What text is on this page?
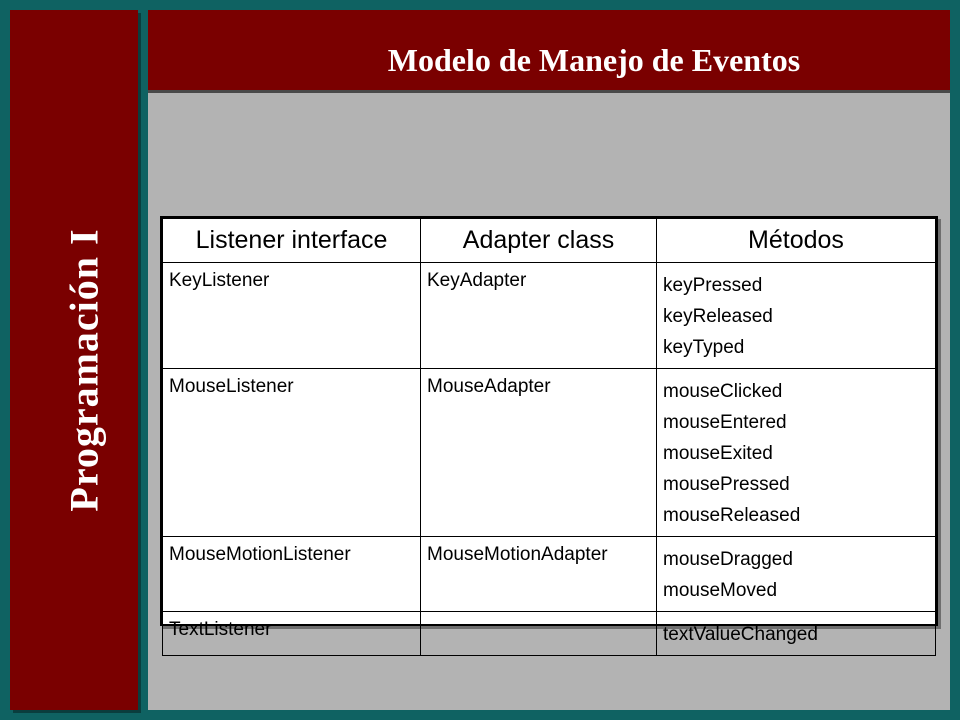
Programación I
Modelo de Manejo de Eventos
Listener interface	Adapter class	Métodos
KeyListener	KeyAdapter	keyPressed
keyReleased
keyTyped

MouseListener	MouseAdapter	mouseClicked
mouseEntered
mouseExited
mousePressed
mouseReleased

MouseMotionListener	MouseMotionAdapter	mouseDragged
mouseMoved

TextListener		textValueChanged
